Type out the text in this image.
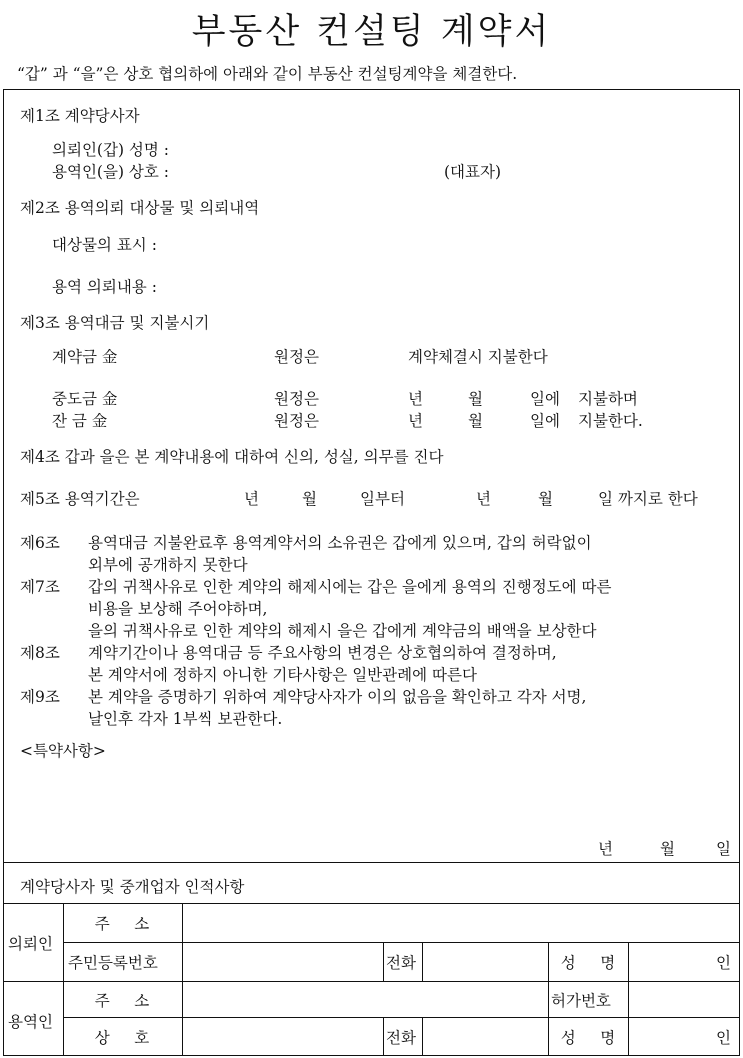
부동산 컨설팅 계약서
“갑” 과 “을”은 상호 협의하에 아래와 같이 부동산 컨설팅계약을 체결한다.
제1조 계약당사자
의뢰인(갑) 성명 :
용역인(을) 상호 :	(대표자)
제2조 용역의뢰 대상물 및 의뢰내역
대상물의 표시 :
용역 의뢰내용 :
제3조 용역대금 및 지불시기
계약금 金	원정은	계약체결시 지불한다
중도금 金	원정은	년	월	일에 지불하며
잔 금 金	원정은	년	월	일에 지불한다.
제4조 갑과 을은 본 계약내용에 대하여 신의, 성실, 의무를 진다
제5조 용역기간은	년	월	일부터	년	월	일 까지로 한다
제6조 용역대금 지불완료후 용역계약서의 소유권은 갑에게 있으며, 갑의 허락없이
외부에 공개하지 못한다
제7조 갑의 귀책사유로 인한 계약의 해제시에는 갑은 을에게 용역의 진행정도에 따른
비용을 보상해 주어야하며,
을의 귀책사유로 인한 계약의 해제시 을은 갑에게 계약금의 배액을 보상한다
제8조 계약기간이나 용역대금 등 주요사항의 변경은 상호협의하여 결정하며,
본 계약서에 정하지 아니한 기타사항은 일반관례에 따른다
제9조 본 계약을 증명하기 위하여 계약당사자가 이의 없음을 확인하고 각자 서명,
날인후 각자 1부씩 보관한다.
<특약사항>
년	월	일
계약당사자 및 중개업자 인적사항
의뢰인
용역인
주     소
주민등록번호	전화	성     명	인
주     소	허가번호
상     호	전화	성     명	인
